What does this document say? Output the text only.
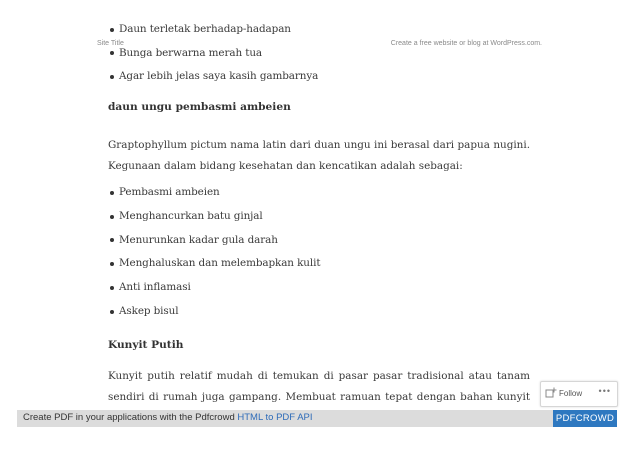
Site Title	Create a free website or blog at WordPress.com.
Daun terletak berhadap-hadapan
Bunga berwarna merah tua
Agar lebih jelas saya kasih gambarnya
daun ungu pembasmi ambeien

Graptophyllum pictum nama latin dari duan ungu ini berasal dari papua nugini. Kegunaan dalam bidang kesehatan dan kencatikan adalah sebagai:

Pembasmi ambeien
Menghancurkan batu ginjal
Menurunkan kadar gula darah
Menghaluskan dan melembapkan kulit
Anti inflamasi
Askep bisul
Kunyit Putih

Kunyit putih relatif mudah di temukan di pasar pasar tradisional atau tanam sendiri di rumah juga gampang. Membuat ramuan tepat dengan bahan kunyit	Follow •••
Create PDF in your applications with the Pdfcrowd HTML to PDF API	PDFCROWD
